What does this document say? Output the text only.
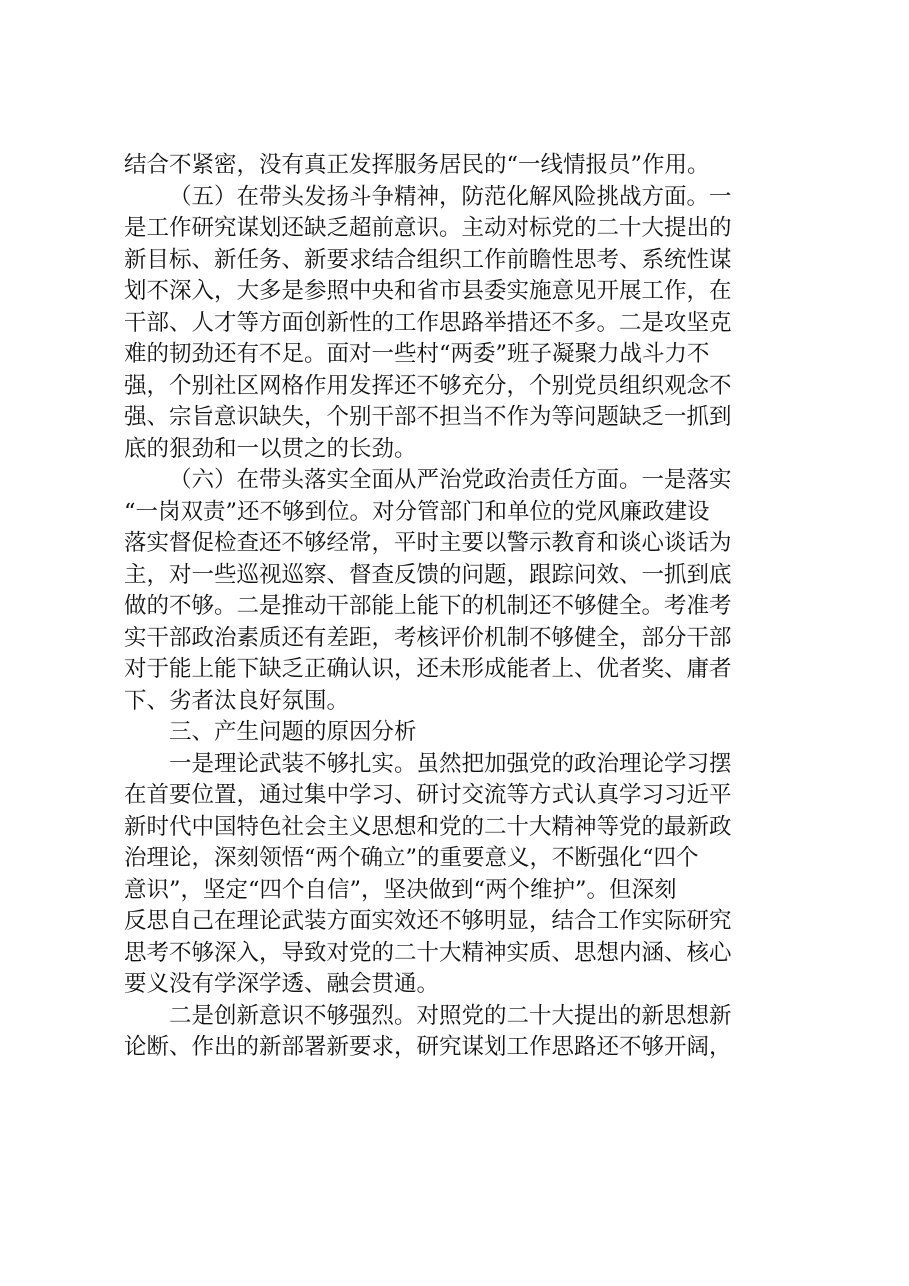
结合不紧密，没有真正发挥服务居民的“一线情报员”作用。
（五）在带头发扬斗争精神，防范化解风险挑战方面。一
是工作研究谋划还缺乏超前意识。主动对标党的二十大提出的
新目标、新任务、新要求结合组织工作前瞻性思考、系统性谋
划不深入，大多是参照中央和省市县委实施意见开展工作，在
干部、人才等方面创新性的工作思路举措还不多。二是攻坚克
难的韧劲还有不足。面对一些村“两委”班子凝聚力战斗力不
强，个别社区网格作用发挥还不够充分，个别党员组织观念不
强、宗旨意识缺失，个别干部不担当不作为等问题缺乏一抓到
底的狠劲和一以贯之的长劲。
（六）在带头落实全面从严治党政治责任方面。一是落实
“一岗双责”还不够到位。对分管部门和单位的党风廉政建设
落实督促检查还不够经常，平时主要以警示教育和谈心谈话为
主，对一些巡视巡察、督查反馈的问题，跟踪问效、一抓到底
做的不够。二是推动干部能上能下的机制还不够健全。考准考
实干部政治素质还有差距，考核评价机制不够健全，部分干部
对于能上能下缺乏正确认识，还未形成能者上、优者奖、庸者
下、劣者汰良好氛围。
三、产生问题的原因分析
一是理论武装不够扎实。虽然把加强党的政治理论学习摆
在首要位置，通过集中学习、研讨交流等方式认真学习习近平
新时代中国特色社会主义思想和党的二十大精神等党的最新政
治理论，深刻领悟“两个确立”的重要意义，不断强化“四个
意识”，坚定“四个自信”，坚决做到“两个维护”。但深刻
反思自己在理论武装方面实效还不够明显，结合工作实际研究
思考不够深入，导致对党的二十大精神实质、思想内涵、核心
要义没有学深学透、融会贯通。
二是创新意识不够强烈。对照党的二十大提出的新思想新
论断、作出的新部署新要求，研究谋划工作思路还不够开阔，
